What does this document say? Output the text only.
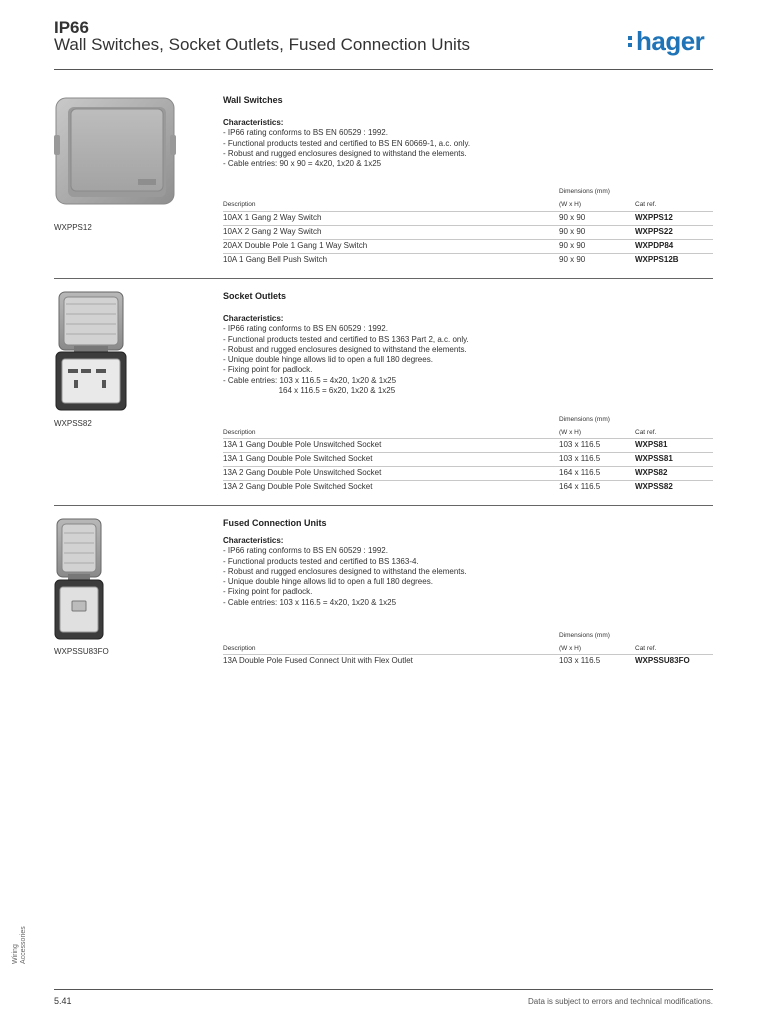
IP66
Wall Switches, Socket Outlets, Fused Connection Units	hager
WXPPS12
Wall Switches
Characteristics:
- IP66 rating conforms to BS EN 60529 : 1992.
- Functional products tested and certified to BS EN 60669-1, a.c. only.
- Robust and rugged enclosures designed to withstand the elements.
- Cable entries: 90 x 90 = 4x20, 1x20 & 1x25
Dimensions (mm)
Description	(W x H)	Cat ref.
10AX 1 Gang 2 Way Switch	90 x 90	WXPPS12
10AX 2 Gang 2 Way Switch	90 x 90	WXPPS22
20AX Double Pole 1 Gang 1 Way Switch	90 x 90	WXPDP84
10A 1 Gang Bell Push Switch	90 x 90	WXPPS12B
WXPSS82
Socket Outlets
Characteristics:
- IP66 rating conforms to BS EN 60529 : 1992.
- Functional products tested and certified to BS 1363 Part 2, a.c. only.
- Robust and rugged enclosures designed to withstand the elements.
- Unique double hinge allows lid to open a full 180 degrees.
- Fixing point for padlock.
- Cable entries: 103 x 116.5 = 4x20, 1x20 & 1x25
164 x 116.5 = 6x20, 1x20 & 1x25
Dimensions (mm)
Description	(W x H)	Cat ref.
13A 1 Gang Double Pole Unswitched Socket	103 x 116.5	WXPS81
13A 1 Gang Double Pole Switched Socket	103 x 116.5	WXPSS81
13A 2 Gang Double Pole Unswitched Socket	164 x 116.5	WXPS82
13A 2 Gang Double Pole Switched Socket	164 x 116.5	WXPSS82
WXPSSU83FO
Fused Connection Units
Characteristics:
- IP66 rating conforms to BS EN 60529 : 1992.
- Functional products tested and certified to BS 1363-4.
- Robust and rugged enclosures designed to withstand the elements.
- Unique double hinge allows lid to open a full 180 degrees.
- Fixing point for padlock.
- Cable entries: 103 x 116.5 = 4x20, 1x20 & 1x25
Dimensions (mm)
Description	(W x H)	Cat ref.
13A Double Pole Fused Connect Unit with Flex Outlet	103 x 116.5	WXPSSU83FO
Wiring Accessories
5.41	Data is subject to errors and technical modifications.
